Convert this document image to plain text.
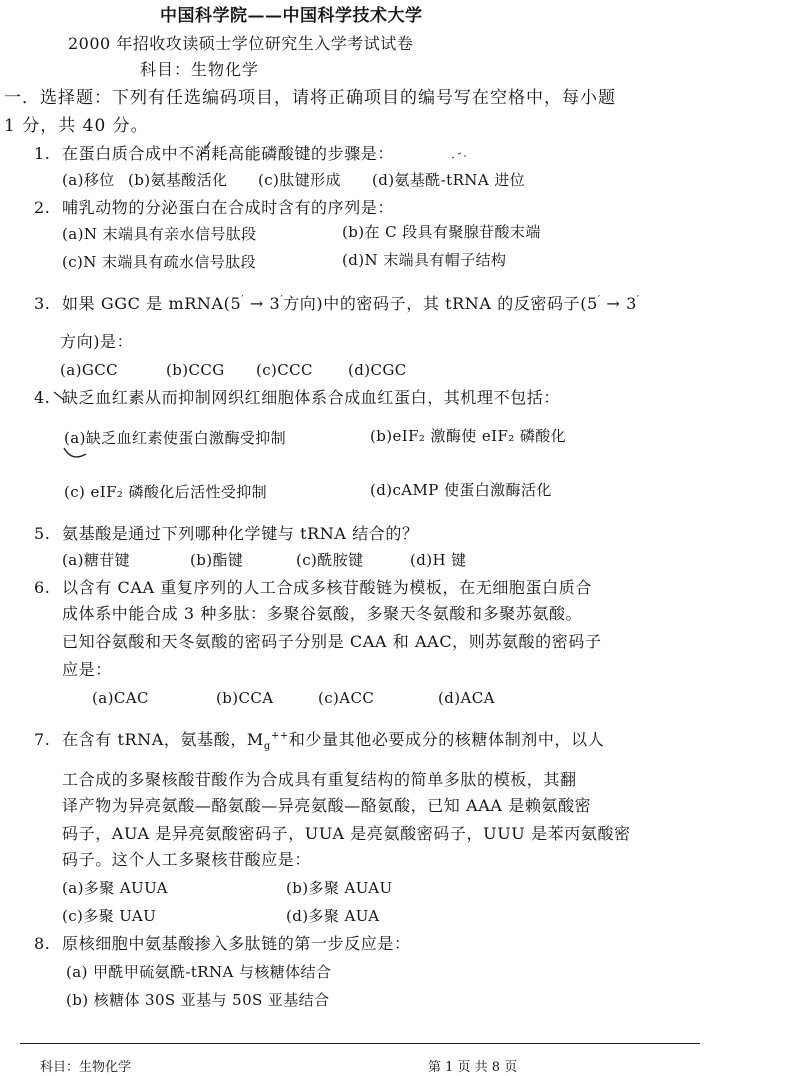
中国科学院——中国科学技术大学
2000 年招收攻读硕士学位研究生入学考试试卷
科目：生物化学
一．选择题：下列有任选编码项目，请将正确项目的编号写在空格中，每小题
1 分，共 40 分。
1. 在蛋白质合成中不消耗高能磷酸键的步骤是：
(a)移位 (b)氨基酸活化 (c)肽键形成 (d)氨基酰-tRNA 进位
2. 哺乳动物的分泌蛋白在合成时含有的序列是：
(a)N 末端具有亲水信号肽段	(b)在 C 段具有聚腺苷酸末端
(c)N 末端具有疏水信号肽段	(d)N 末端具有帽子结构
3. 如果 GGC 是 mRNA(5′ → 3′方向)中的密码子，其 tRNA 的反密码子(5′ → 3′
方向)是：
(a)GCC	(b)CCG (c)CCC (d)CGC
4. 缺乏血红素从而抑制网织红细胞体系合成血红蛋白，其机理不包括：
(a)缺乏血红素使蛋白激酶受抑制	(b)eIF₂ 激酶使 eIF₂ 磷酸化
(c) eIF₂ 磷酸化后活性受抑制	(d)cAMP 使蛋白激酶活化
5. 氨基酸是通过下列哪种化学键与 tRNA 结合的？
(a)糖苷键	(b)酯键	(c)酰胺键	(d)H 键
6. 以含有 CAA 重复序列的人工合成多核苷酸链为模板，在无细胞蛋白质合
成体系中能合成 3 种多肽：多聚谷氨酸，多聚天冬氨酸和多聚苏氨酸。
已知谷氨酸和天冬氨酸的密码子分别是 CAA 和 AAC，则苏氨酸的密码子
应是：
(a)CAC	(b)CCA	(c)ACC	(d)ACA
7. 在含有 tRNA，氨基酸，$M_g^{++}$和少量其他必要成分的核糖体制剂中，以人
工合成的多聚核酸苷酸作为合成具有重复结构的简单多肽的模板，其翻
译产物为异亮氨酸—酪氨酸—异亮氨酸—酪氨酸，已知 AAA 是赖氨酸密
码子，AUA 是异亮氨酸密码子，UUA 是亮氨酸密码子，UUU 是苯丙氨酸密
码子。这个人工多聚核苷酸应是：
(a)多聚 AUUA	(b)多聚 AUAU
(c)多聚 UAU	(d)多聚 AUA
8. 原核细胞中氨基酸掺入多肽链的第一步反应是：
(a) 甲酰甲硫氨酰-tRNA 与核糖体结合
(b) 核糖体 30S 亚基与 50S 亚基结合
科目：生物化学	第 1 页 共 8 页
